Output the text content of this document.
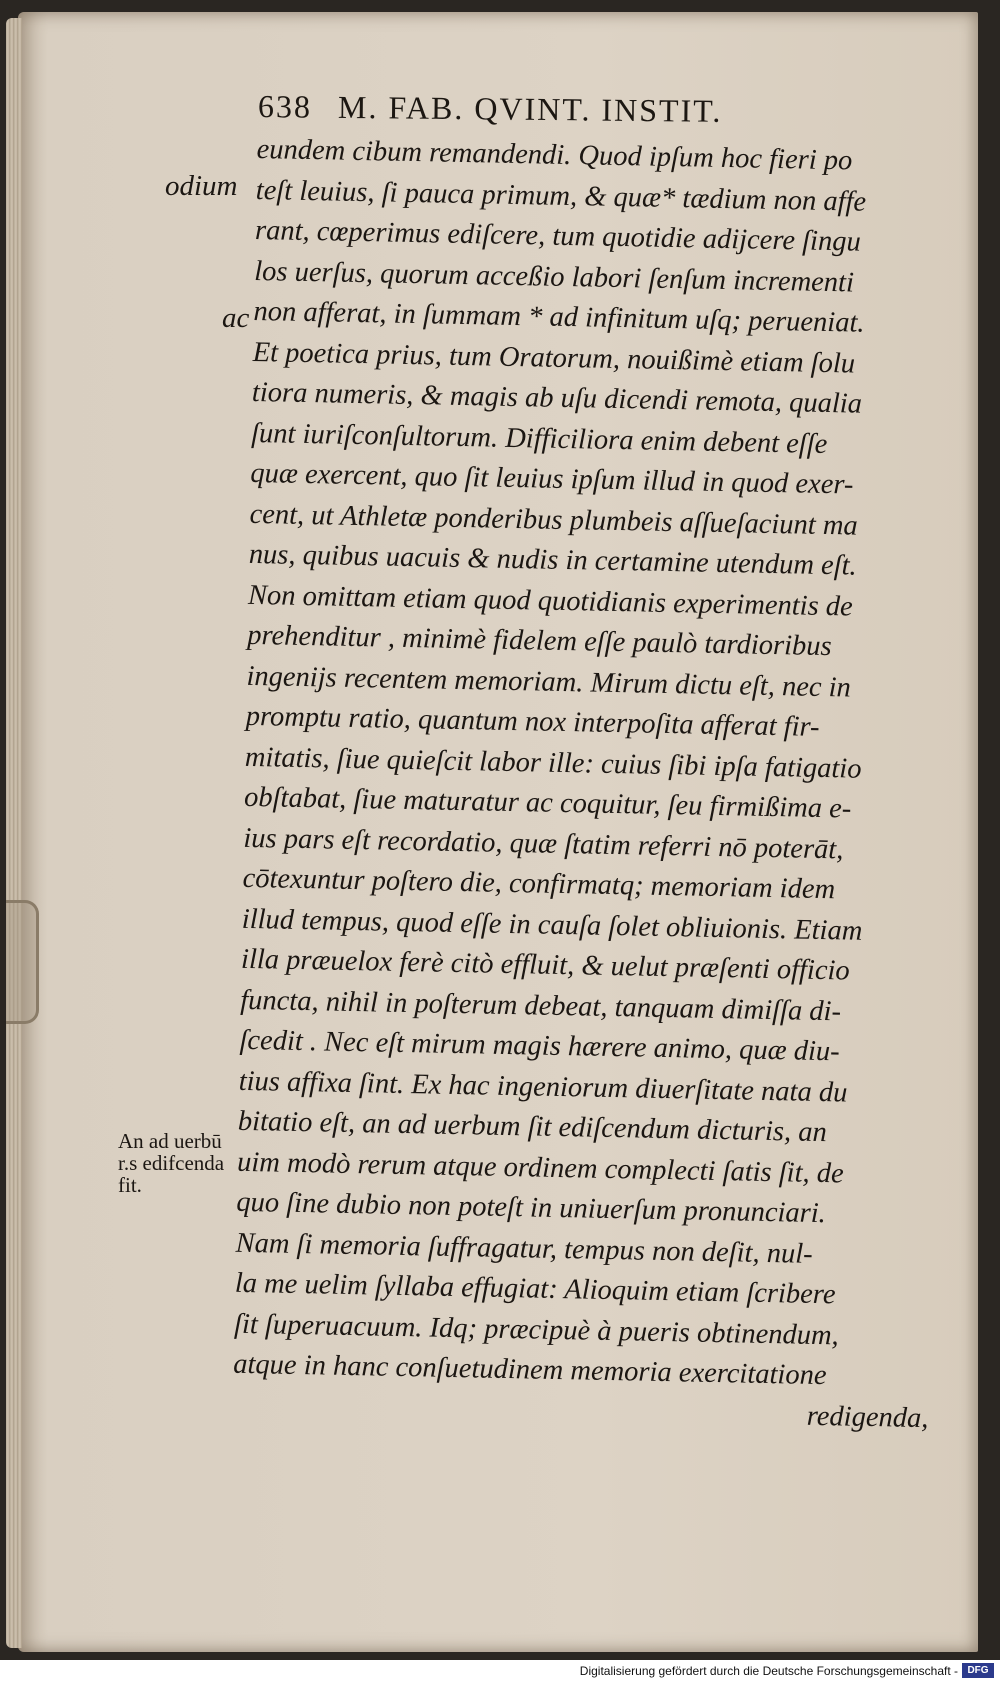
638 M. FAB. QVINT. INSTIT.
odium
ac
An ad uerbū
r.s edifcenda
fit.
eundem cibum remandendi. Quod ipſum hoc fieri po
teſt leuius, ſi pauca primum, & quæ* tædium non affe
rant, cœperimus ediſcere, tum quotidie adijcere ſingu
los uerſus, quorum acceßio labori ſenſum incrementi
non afferat, in ſummam * ad infinitum uſq; perueniat.
Et poetica prius, tum Oratorum, nouißimè etiam ſolu
tiora numeris, & magis ab uſu dicendi remota, qualia
ſunt iuriſconſultorum. Difficiliora enim debent eſſe
quæ exercent, quo ſit leuius ipſum illud in quod exer-
cent, ut Athletæ ponderibus plumbeis aſſueſaciunt ma
nus, quibus uacuis & nudis in certamine utendum eſt.
Non omittam etiam quod quotidianis experimentis de
prehenditur , minimè fidelem eſſe paulò tardioribus
ingenijs recentem memoriam. Mirum dictu eſt, nec in
promptu ratio, quantum nox interpoſita afferat fir-
mitatis, ſiue quieſcit labor ille: cuius ſibi ipſa fatigatio
obſtabat, ſiue maturatur ac coquitur, ſeu firmißima e-
ius pars eſt recordatio, quæ ſtatim referri nō poterāt,
cōtexuntur poſtero die, confirmatq; memoriam idem
illud tempus, quod eſſe in cauſa ſolet obliuionis. Etiam
illa præuelox ferè citò effluit, & uelut præſenti officio
functa, nihil in poſterum debeat, tanquam dimiſſa di-
ſcedit . Nec eſt mirum magis hærere animo, quæ diu-
tius affixa ſint. Ex hac ingeniorum diuerſitate nata du
bitatio eſt, an ad uerbum ſit ediſcendum dicturis, an
uim modò rerum atque ordinem complecti ſatis ſit, de
quo ſine dubio non poteſt in uniuerſum pronunciari.
Nam ſi memoria ſuffragatur, tempus non deſit, nul-
la me uelim ſyllaba effugiat: Alioquim etiam ſcribere
ſit ſuperuacuum. Idq; præcipuè à pueris obtinendum,
atque in hanc conſuetudinem memoria exercitatione
redigenda,
Digitalisierung gefördert durch die Deutsche Forschungsgemeinschaft - DFG
